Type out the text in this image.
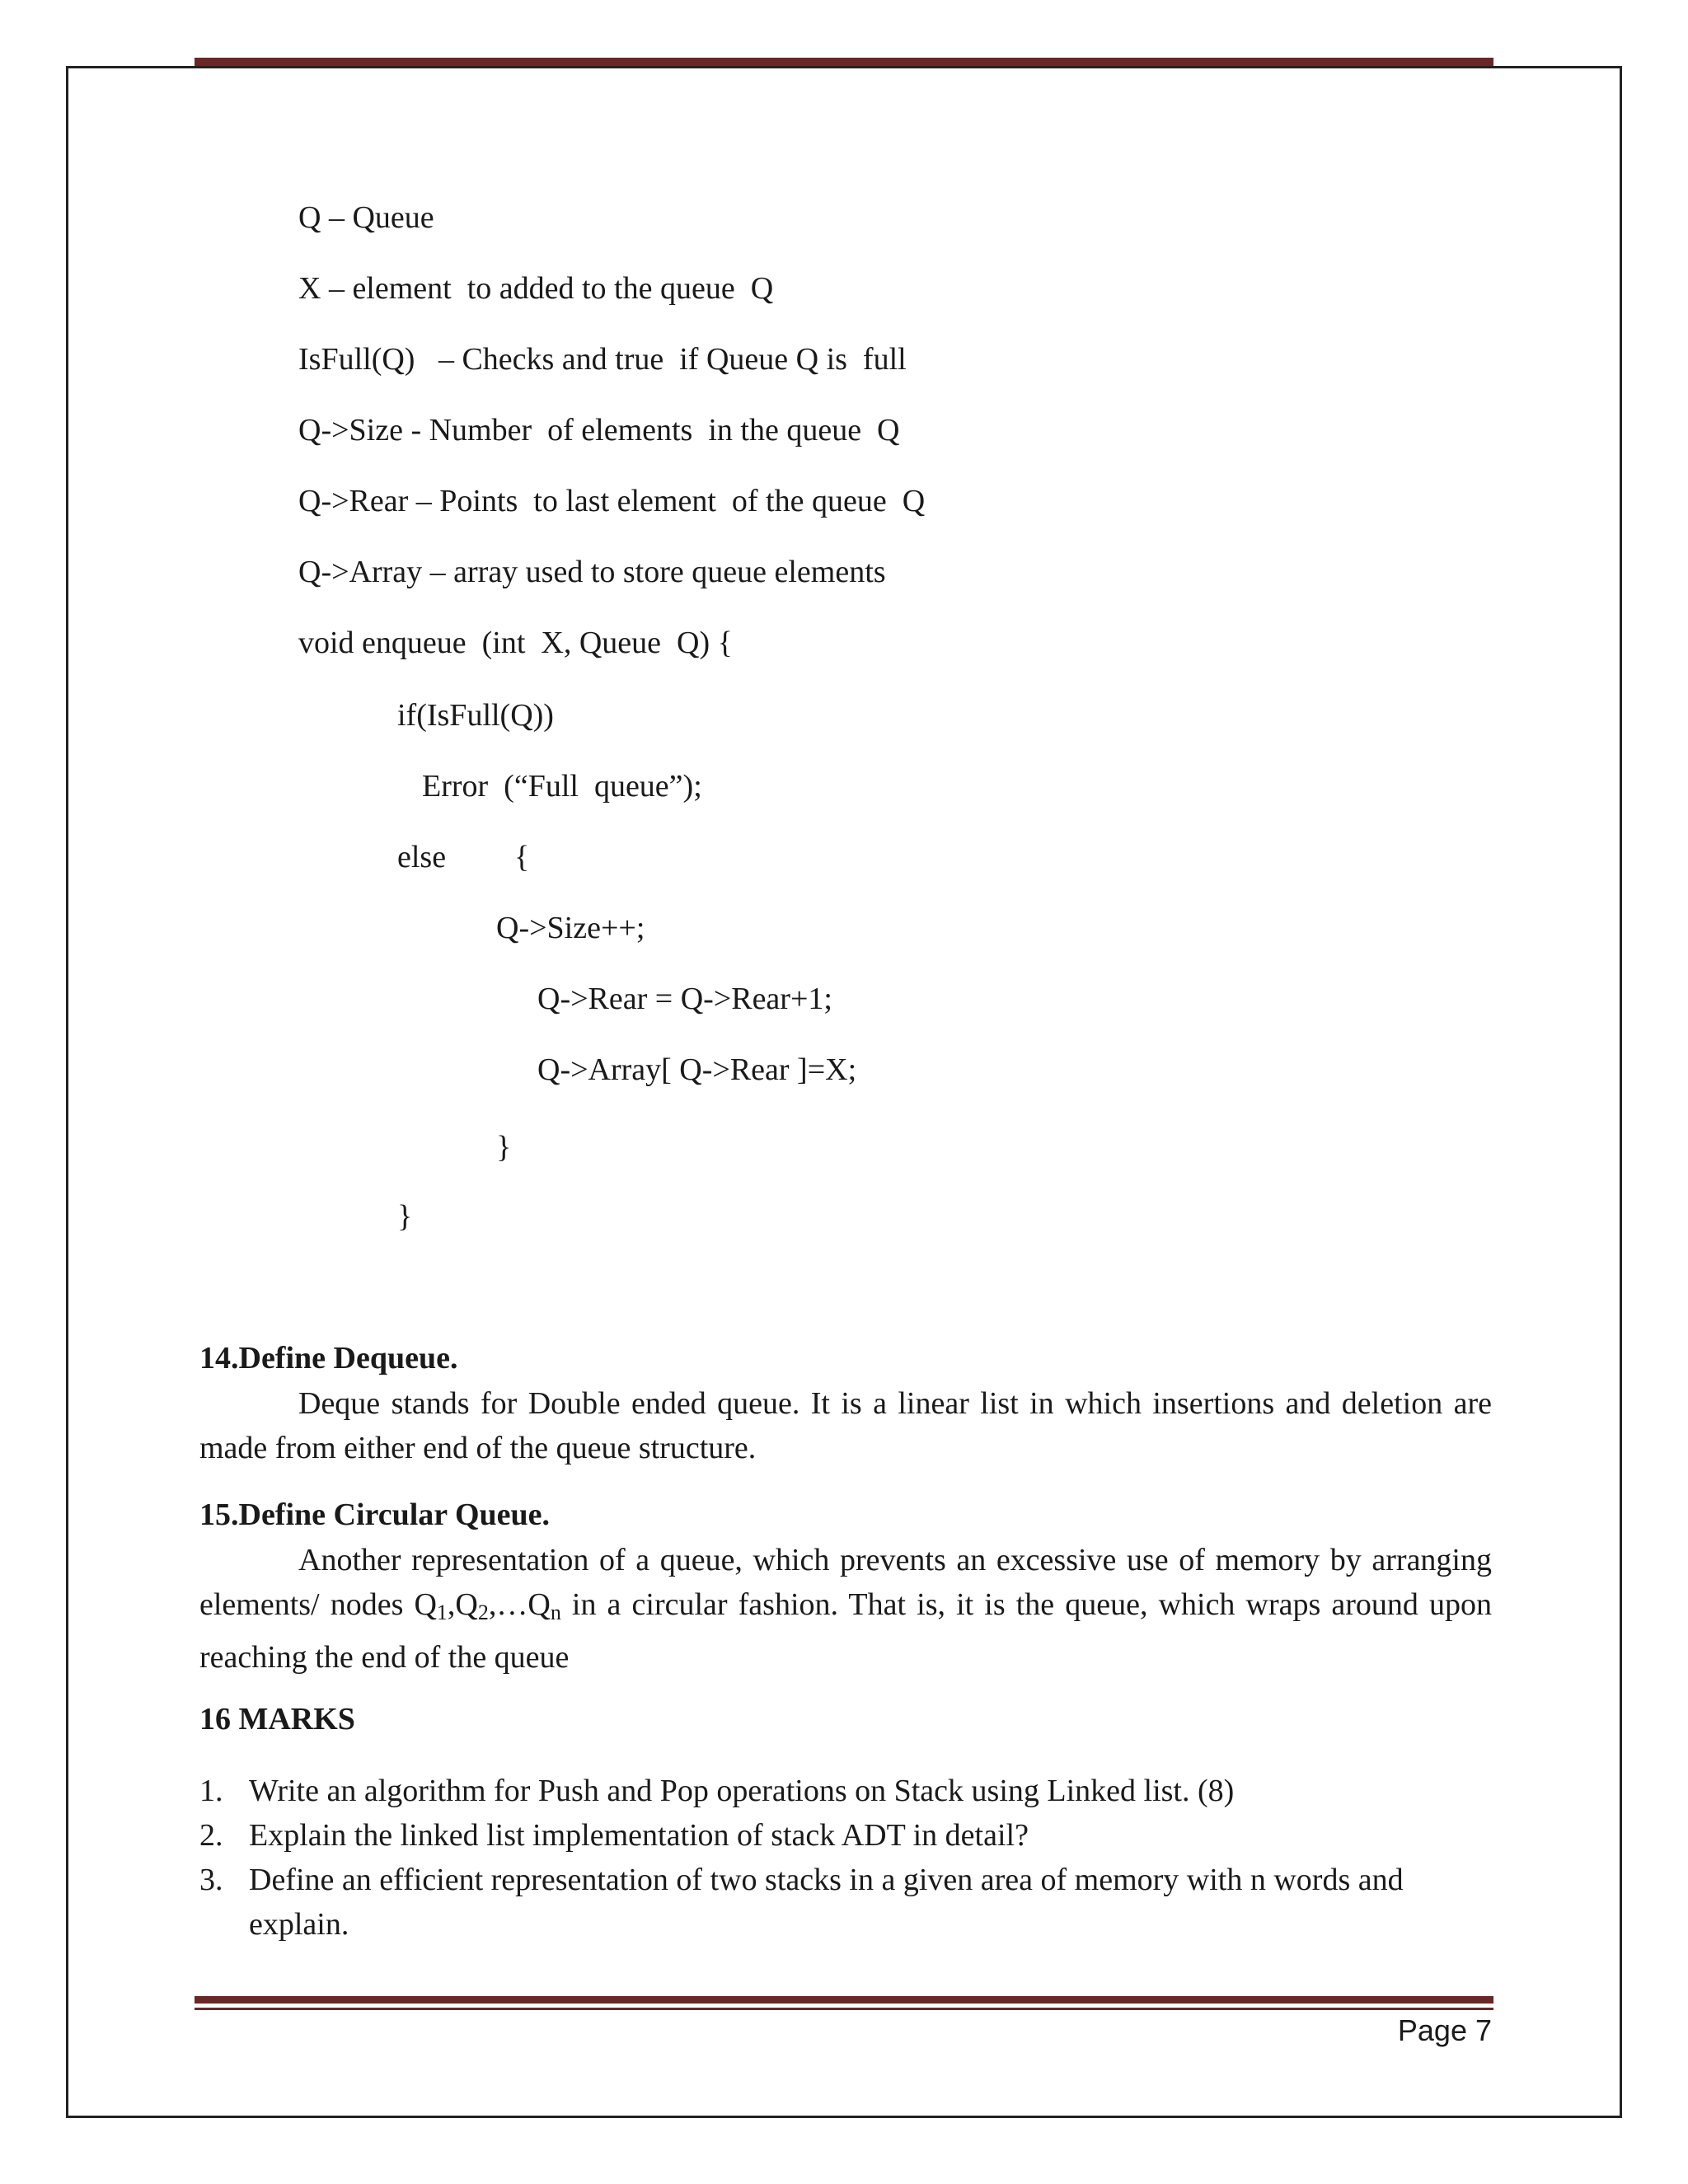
Q – Queue
X – element  to added to the queue  Q
IsFull(Q)   – Checks and true  if Queue Q is  full
Q->Size - Number  of elements  in the queue  Q
Q->Rear – Points  to last element  of the queue  Q
Q->Array – array used to store queue elements
void enqueue  (int  X, Queue  Q) {
if(IsFull(Q))
Error  (“Full  queue”);
else {
Q->Size++;
Q->Rear = Q->Rear+1;
Q->Array[ Q->Rear ]=X;
}
}
14.Define Dequeue.
Deque stands for Double ended queue. It is a linear list in which insertions and deletion are made from either end of the queue structure.
15.Define Circular Queue.
Another representation of a queue, which prevents an excessive use of memory by arranging elements/ nodes $Q_1,Q_2,\dots Q_n$ in a circular fashion. That is, it is the queue, which wraps around upon reaching the end of the queue
16 MARKS
1. Write an algorithm for Push and Pop operations on Stack using Linked list. (8)
2. Explain the linked list implementation of stack ADT in detail?
3. Define an efficient representation of two stacks in a given area of memory with n words and explain.
Page 7
